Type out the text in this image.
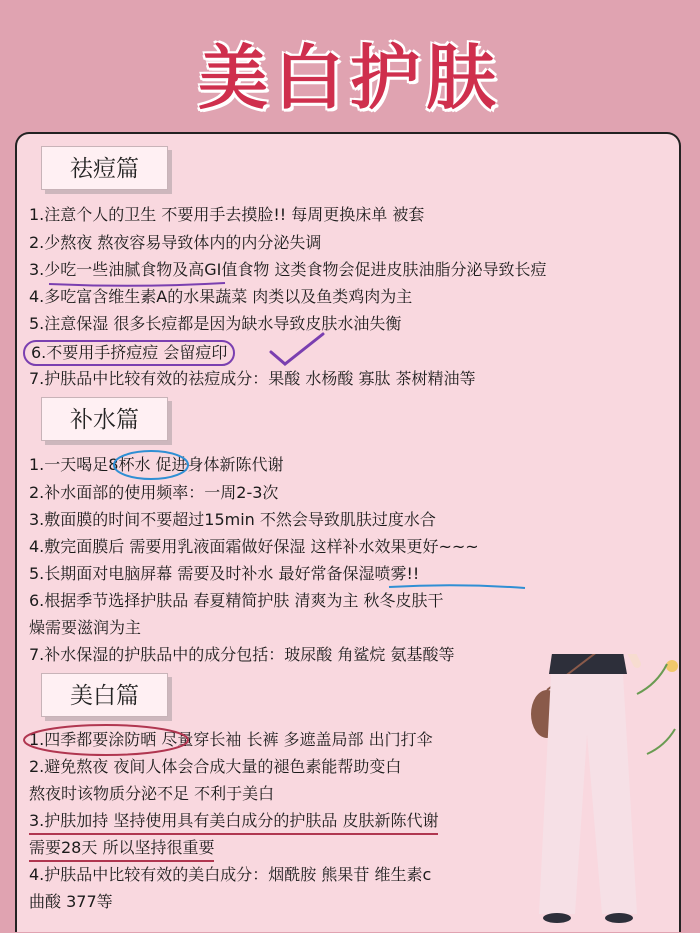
美白护肤
祛痘篇
1.注意个人的卫生 不要用手去摸脸!! 每周更换床单 被套
2.少熬夜 熬夜容易导致体内的内分泌失调
3.少吃一些油腻食物及高GI值食物 这类食物会促进皮肤油脂分泌导致长痘
4.多吃富含维生素A的水果蔬菜 肉类以及鱼类鸡肉为主
5.注意保湿 很多长痘都是因为缺水导致皮肤水油失衡
6.不要用手挤痘痘 会留痘印
7.护肤品中比较有效的祛痘成分：果酸 水杨酸 寡肽 茶树精油等
补水篇
1.一天喝足8杯水 促进身体新陈代谢
2.补水面部的使用频率：一周2-3次
3.敷面膜的时间不要超过15min 不然会导致肌肤过度水合
4.敷完面膜后 需要用乳液面霜做好保湿 这样补水效果更好~~~
5.长期面对电脑屏幕 需要及时补水 最好常备保湿喷雾!!
6.根据季节选择护肤品 春夏精简护肤 清爽为主 秋冬皮肤干
燥需要滋润为主
7.补水保湿的护肤品中的成分包括：玻尿酸 角鲨烷 氨基酸等
美白篇
1.四季都要涂防晒 尽量穿长袖 长裤 多遮盖局部 出门打伞
2.避免熬夜 夜间人体会合成大量的褪色素能帮助变白
熬夜时该物质分泌不足 不利于美白
3.护肤加持 坚持使用具有美白成分的护肤品 皮肤新陈代谢
需要28天 所以坚持很重要
4.护肤品中比较有效的美白成分：烟酰胺 熊果苷 维生素c
曲酸 377等
